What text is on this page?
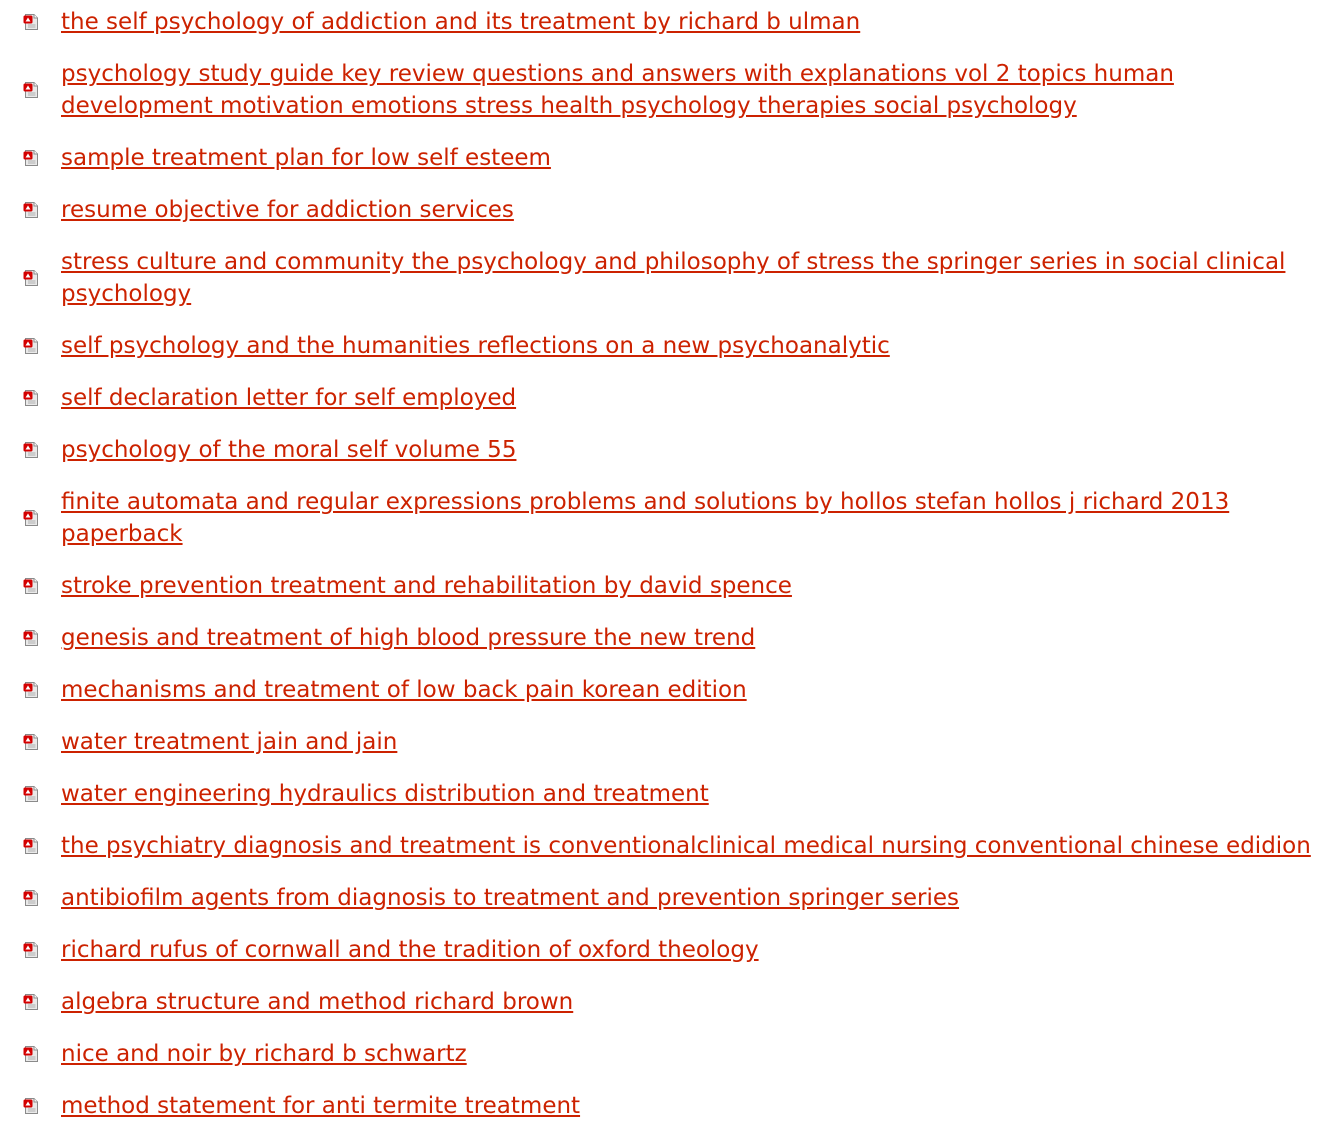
the self psychology of addiction and its treatment by richard b ulman
psychology study guide key review questions and answers with explanations vol 2 topics human development motivation emotions stress health psychology therapies social psychology
sample treatment plan for low self esteem
resume objective for addiction services
stress culture and community the psychology and philosophy of stress the springer series in social clinical psychology
self psychology and the humanities reflections on a new psychoanalytic
self declaration letter for self employed
psychology of the moral self volume 55
finite automata and regular expressions problems and solutions by hollos stefan hollos j richard 2013 paperback
stroke prevention treatment and rehabilitation by david spence
genesis and treatment of high blood pressure the new trend
mechanisms and treatment of low back pain korean edition
water treatment jain and jain
water engineering hydraulics distribution and treatment
the psychiatry diagnosis and treatment is conventionalclinical medical nursing conventional chinese edidion
antibiofilm agents from diagnosis to treatment and prevention springer series
richard rufus of cornwall and the tradition of oxford theology
algebra structure and method richard brown
nice and noir by richard b schwartz
method statement for anti termite treatment
